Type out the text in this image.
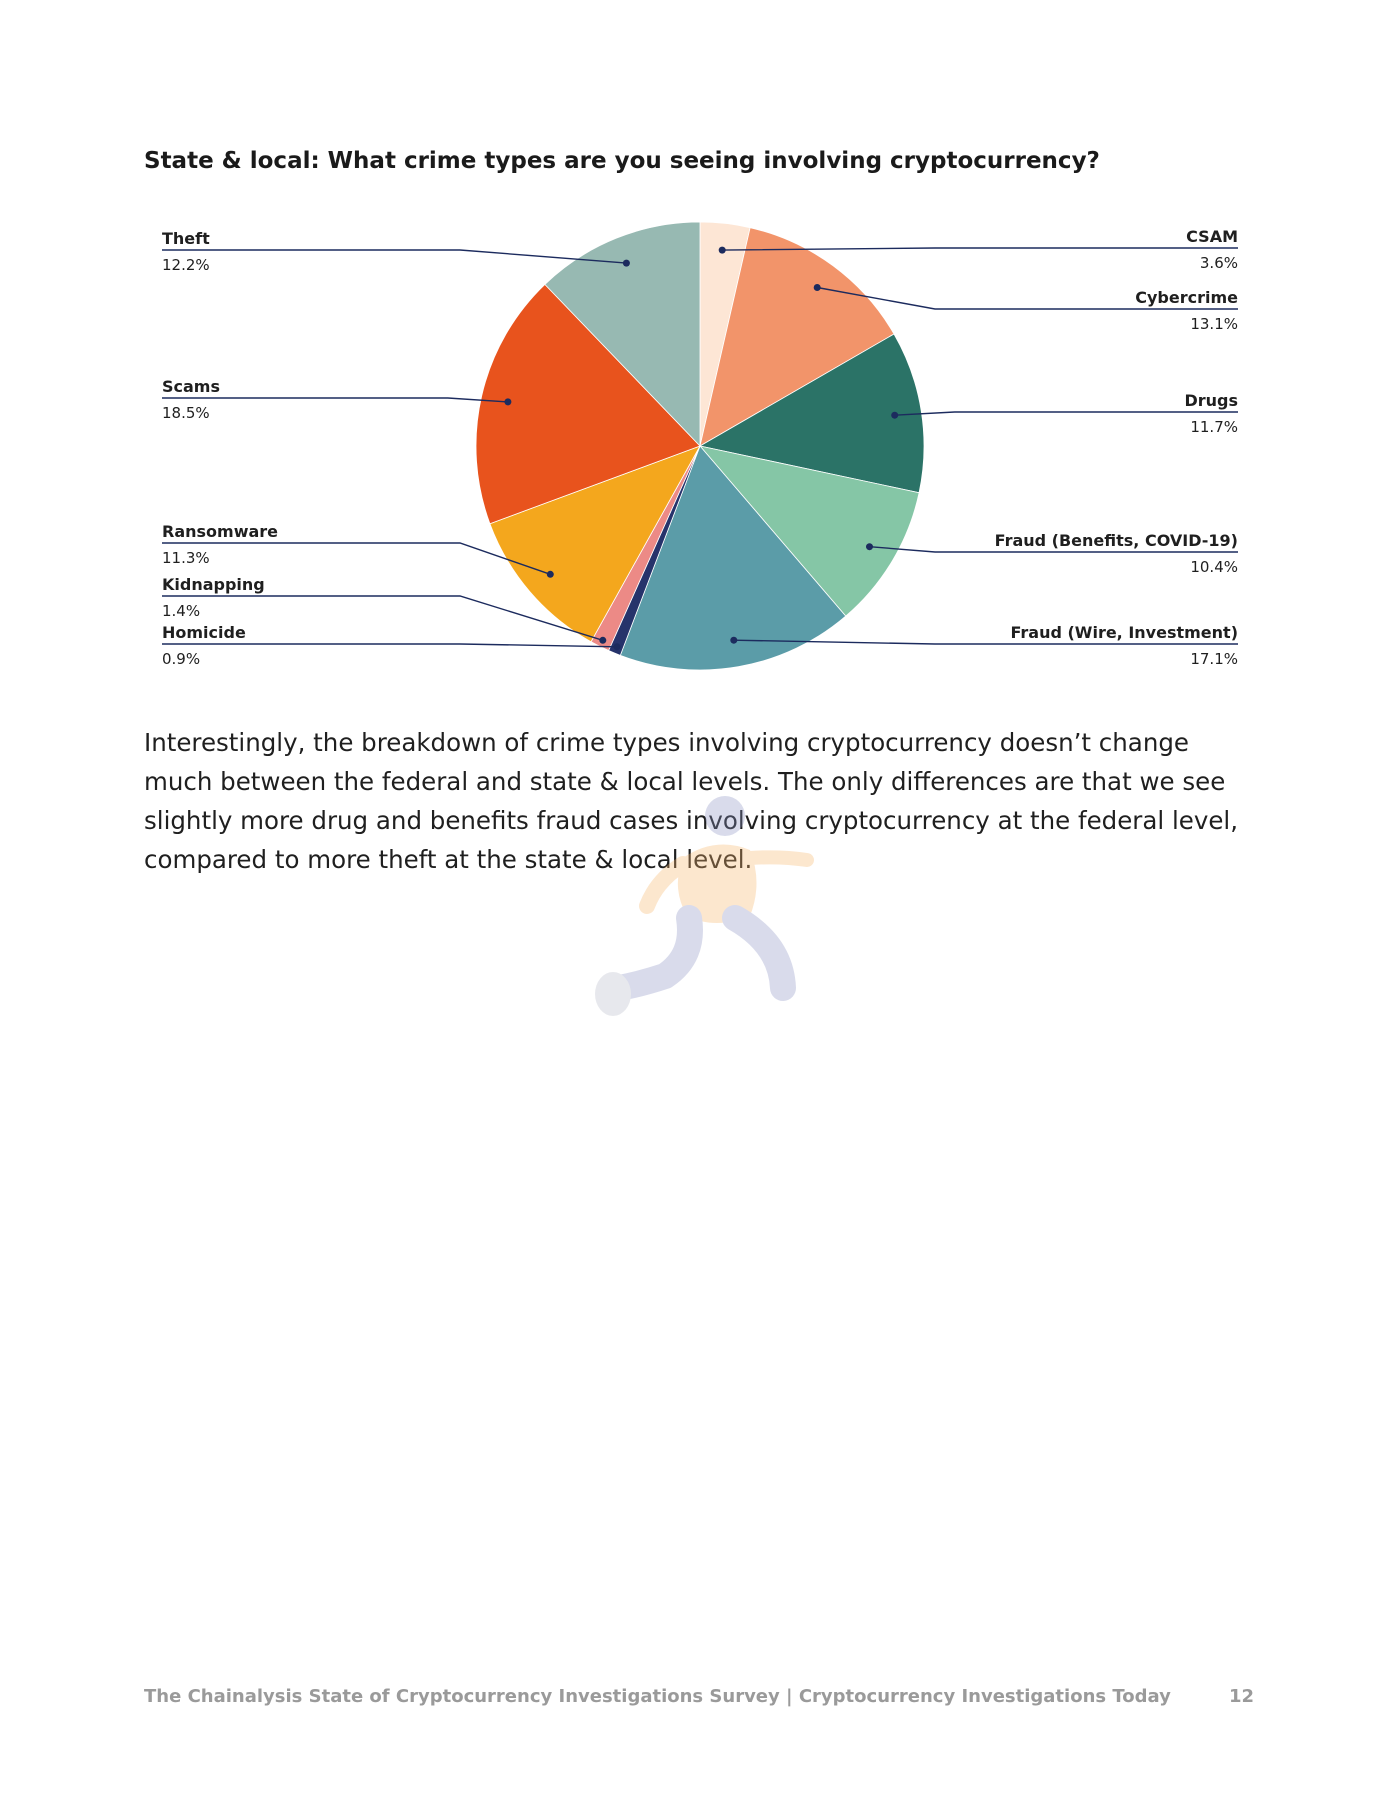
State & local: What crime types are you seeing involving cryptocurrency?
CSAM
3.6%
Cybercrime
13.1%
Drugs
11.7%
Fraud (Benefits, COVID-19)
10.4%
Fraud (Wire, Investment)
17.1%
Homicide
0.9%
Kidnapping
1.4%
Ransomware
11.3%
Scams
18.5%
Theft
12.2%

Interestingly, the breakdown of crime types involving cryptocurrency doesn’t change much between the federal and state & local levels. The only differences are that we see slightly more drug and benefits fraud cases involving cryptocurrency at the federal level, compared to more theft at the state & local level.

The Chainalysis State of Cryptocurrency Investigations Survey | Cryptocurrency Investigations Today	12
